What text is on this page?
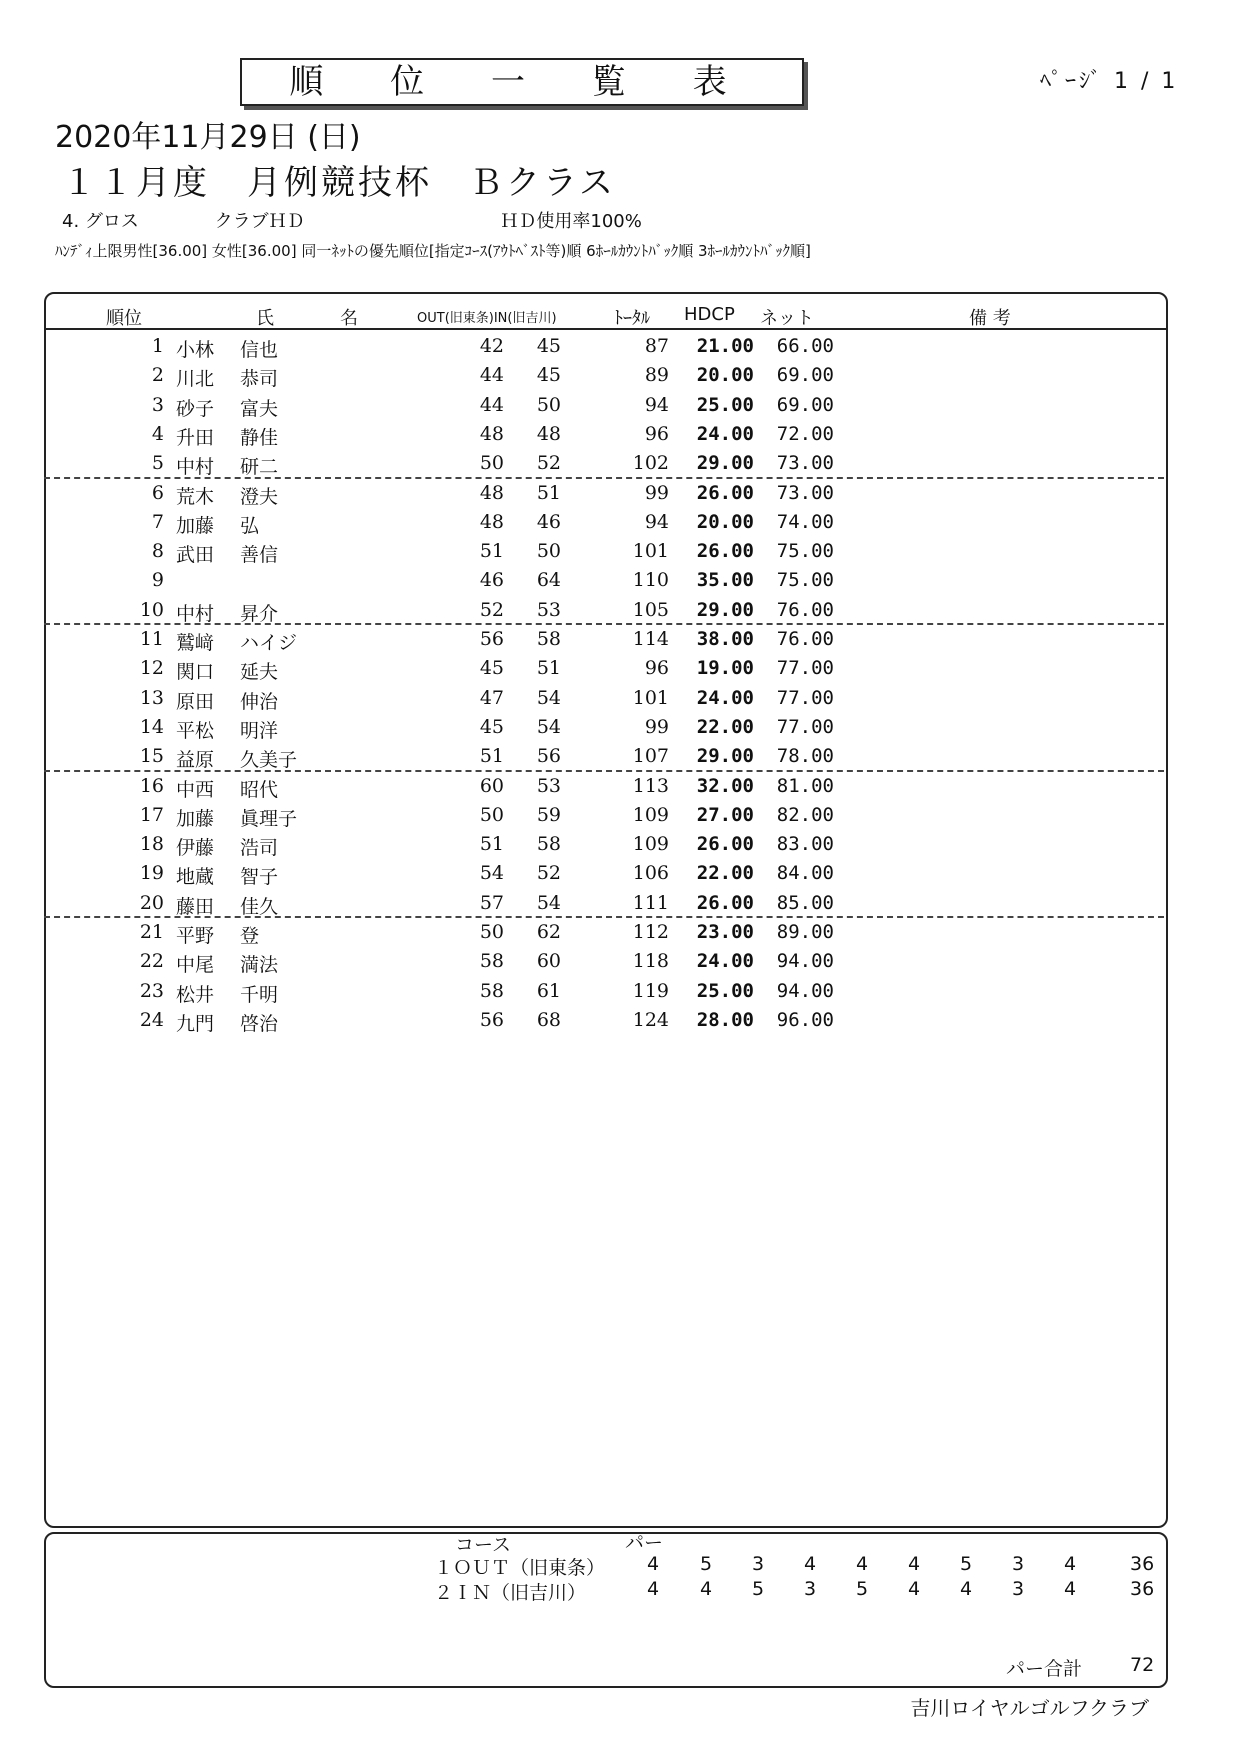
順 位 一 覧 表	ﾍﾟｰｼﾞ 1 / 1
2020年11月29日 (日)
１１月度　月例競技杯　Ｂクラス
4. グロス	クラブＨＤ	ＨＤ使用率100%
ﾊﾝﾃﾞｨ上限男性[36.00] 女性[36.00] 同一ﾈｯﾄの優先順位[指定ｺｰｽ(ｱｳﾄﾍﾞｽﾄ等)順 6ﾎｰﾙｶｳﾝﾄﾊﾞｯｸ順 3ﾎｰﾙｶｳﾝﾄﾊﾞｯｸ順]
順位	氏	名	OUT(旧東条)IN(旧吉川)	ﾄｰﾀﾙ HDCP ネット	備 考
1 小林 信也	42 45	87 21.00 66.00
2 川北 恭司	44 45	89 20.00 69.00
3 砂子 富夫	44 50	94 25.00 69.00
4 升田 静佳	48 48	96 24.00 72.00
5 中村 研二	50 52	102 29.00 73.00
6 荒木 澄夫	48 51	99 26.00 73.00
7 加藤 弘	48 46	94 20.00 74.00
8 武田 善信	51 50	101 26.00 75.00
9	46 64	110 35.00 75.00
10 中村 昇介	52 53	105 29.00 76.00
11 鷲﨑 ハイジ	56 58	114 38.00 76.00
12 関口 延夫	45 51	96 19.00 77.00
13 原田 伸治	47 54	101 24.00 77.00
14 平松 明洋	45 54	99 22.00 77.00
15 益原 久美子	51 56	107 29.00 78.00
16 中西 昭代	60 53	113 32.00 81.00
17 加藤 眞理子	50 59	109 27.00 82.00
18 伊藤 浩司	51 58	109 26.00 83.00
19 地蔵 智子	54 52	106 22.00 84.00
20 藤田 佳久	57 54	111 26.00 85.00
21 平野 登	50 62	112 23.00 89.00
22 中尾 満法	58 60	118 24.00 94.00
23 松井 千明	58 61	119 25.00 94.00
24 九門 啓治	56 68	124 28.00 96.00
コース	パー
１ＯＵＴ（旧東条） 4 5 3 4 4 4 5 3 4	36
２ＩＮ（旧吉川）	4 4 5 3 5 4 4 3 4	36
パー合計	72
吉川ロイヤルゴルフクラブ
